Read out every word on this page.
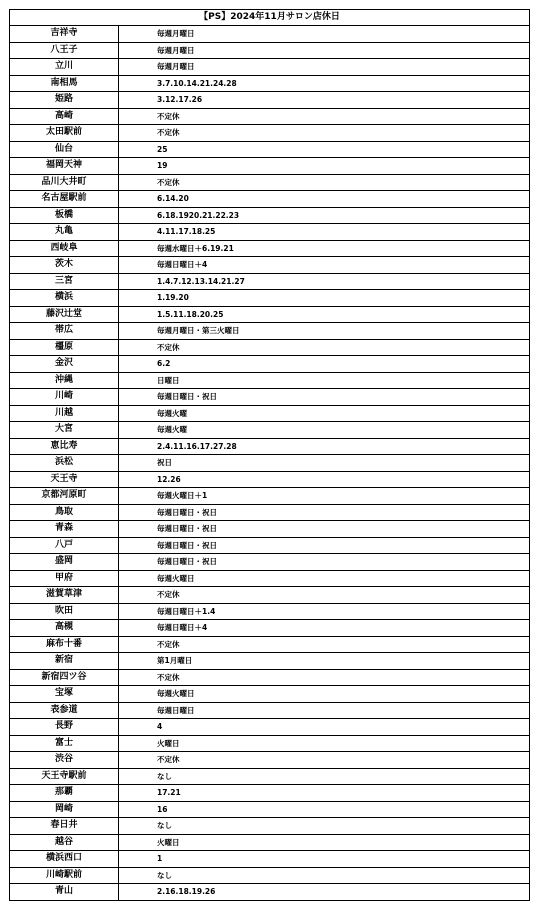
【PS】2024年11月サロン店休日	
吉祥寺	毎週月曜日
八王子	毎週月曜日
立川	毎週月曜日
南相馬	3.7.10.14.21.24.28
姫路	3.12.17.26
高崎	不定休
太田駅前	不定休
仙台	25
福岡天神	19
品川大井町	不定休
名古屋駅前	6.14.20
板橋	6.18.1920.21.22.23
丸亀	4.11.17.18.25
西岐阜	毎週水曜日＋6.19.21
茨木	毎週日曜日＋4
三宮	1.4.7.12.13.14.21.27
横浜	1.19.20
藤沢辻堂	1.5.11.18.20.25
帯広	毎週月曜日・第三火曜日
橿原	不定休
金沢	6.2
沖縄	日曜日
川崎	毎週日曜日・祝日
川越	毎週火曜
大宮	毎週火曜
恵比寿	2.4.11.16.17.27.28
浜松	祝日
天王寺	12.26
京都河原町	毎週火曜日＋1
鳥取	毎週日曜日・祝日
青森	毎週日曜日・祝日
八戸	毎週日曜日・祝日
盛岡	毎週日曜日・祝日
甲府	毎週火曜日
滋賀草津	不定休
吹田	毎週日曜日＋1.4
高槻	毎週日曜日＋4
麻布十番	不定休
新宿	第1月曜日
新宿四ツ谷	不定休
宝塚	毎週火曜日
表参道	毎週日曜日
長野	4
富士	火曜日
渋谷	不定休
天王寺駅前	なし
那覇	17.21
岡崎	16
春日井	なし
越谷	火曜日
横浜西口	1
川崎駅前	なし
青山	2.16.18.19.26
